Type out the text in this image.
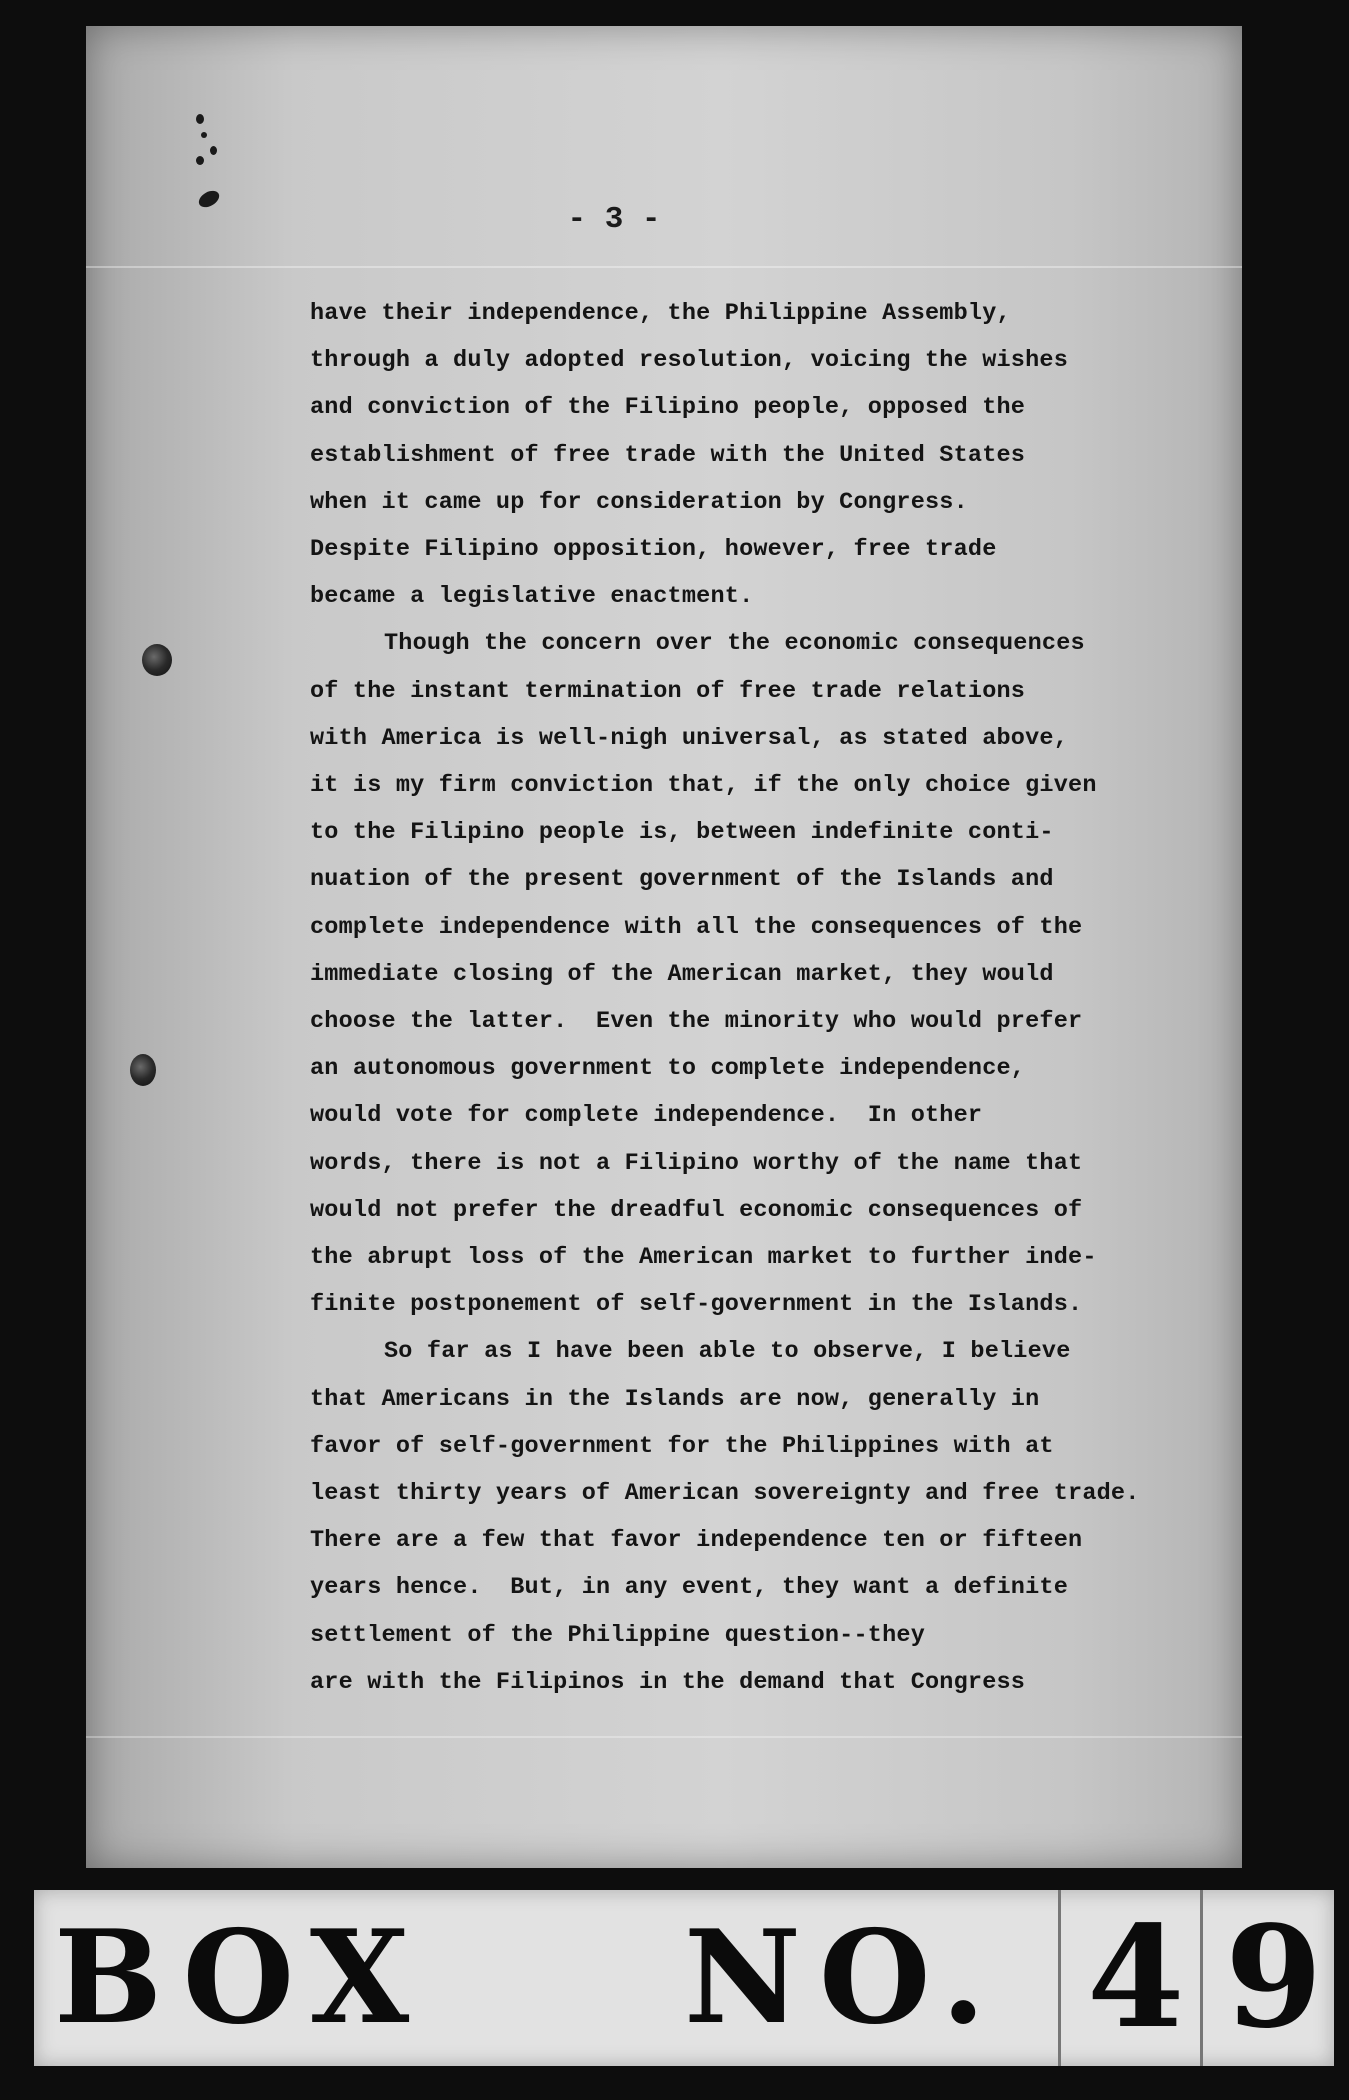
- 3 -
have their independence, the Philippine Assembly,
through a duly adopted resolution, voicing the wishes
and conviction of the Filipino people, opposed the
establishment of free trade with the United States
when it came up for consideration by Congress.
Despite Filipino opposition, however, free trade
became a legislative enactment.
Though the concern over the economic consequences
of the instant termination of free trade relations
with America is well-nigh universal, as stated above,
it is my firm conviction that, if the only choice given
to the Filipino people is, between indefinite conti-
nuation of the present government of the Islands and
complete independence with all the consequences of the
immediate closing of the American market, they would
choose the latter.  Even the minority who would prefer
an autonomous government to complete independence,
would vote for complete independence.  In other
words, there is not a Filipino worthy of the name that
would not prefer the dreadful economic consequences of
the abrupt loss of the American market to further inde-
finite postponement of self-government in the Islands.
So far as I have been able to observe, I believe
that Americans in the Islands are now, generally in
favor of self-government for the Philippines with at
least thirty years of American sovereignty and free trade.
There are a few that favor independence ten or fifteen
years hence.  But, in any event, they want a definite
settlement of the Philippine question--they
are with the Filipinos in the demand that Congress
BOX NO. 4 9
